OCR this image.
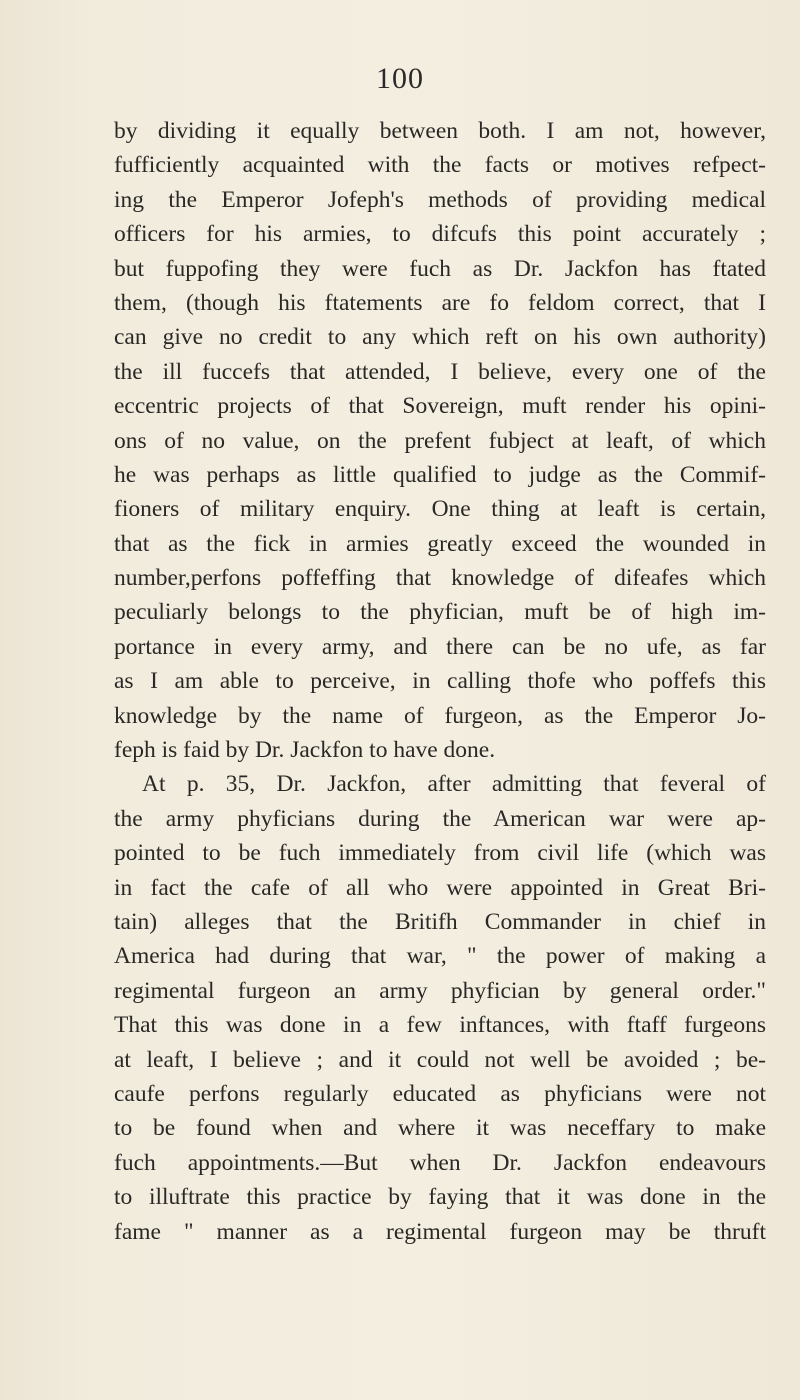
100
by dividing it equally between both. I am not, however,
fufficiently acquainted with the facts or motives refpect-
ing the Emperor Jofeph's methods of providing medical
officers for his armies, to difcufs this point accurately ;
but fuppofing they were fuch as Dr. Jackfon has ftated
them, (though his ftatements are fo feldom correct, that I
can give no credit to any which reft on his own authority)
the ill fuccefs that attended, I believe, every one of the
eccentric projects of that Sovereign, muft render his opini-
ons of no value, on the prefent fubject at leaft, of which
he was perhaps as little qualified to judge as the Commif-
fioners of military enquiry. One thing at leaft is certain,
that as the fick in armies greatly exceed the wounded in
number,perfons poffeffing that knowledge of difeafes which
peculiarly belongs to the phyfician, muft be of high im-
portance in every army, and there can be no ufe, as far
as I am able to perceive, in calling thofe who poffefs this
knowledge by the name of furgeon, as the Emperor Jo-
feph is faid by Dr. Jackfon to have done.
At p. 35, Dr. Jackfon, after admitting that feveral of
the army phyficians during the American war were ap-
pointed to be fuch immediately from civil life (which was
in fact the cafe of all who were appointed in Great Bri-
tain) alleges that the Britifh Commander in chief in
America had during that war, " the power of making a
regimental furgeon an army phyfician by general order."
That this was done in a few inftances, with ftaff furgeons
at leaft, I believe ; and it could not well be avoided ; be-
caufe perfons regularly educated as phyficians were not
to be found when and where it was neceffary to make
fuch appointments.—But when Dr. Jackfon endeavours
to illuftrate this practice by faying that it was done in the
fame " manner as a regimental furgeon may be thruft
